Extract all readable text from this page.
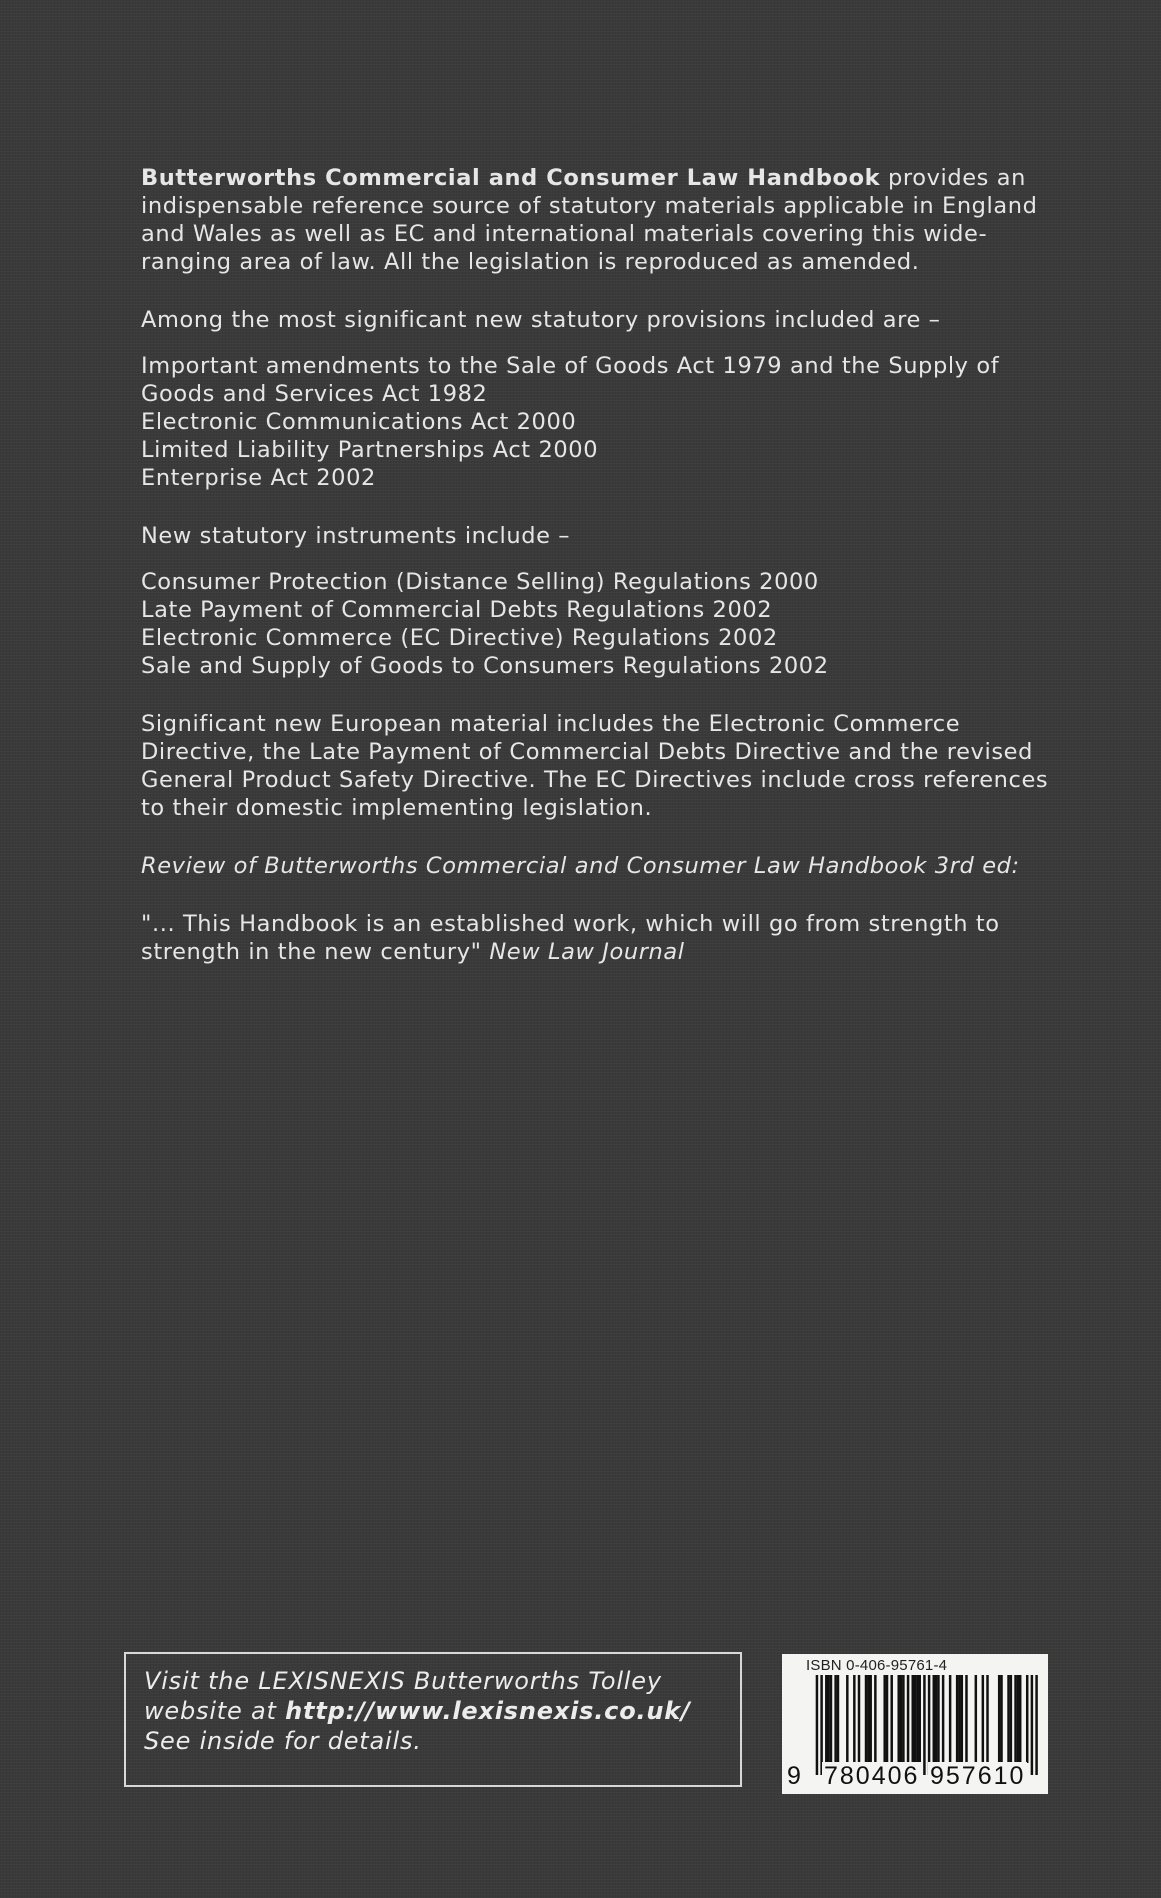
Butterworths Commercial and Consumer Law Handbook provides an indispensable reference source of statutory materials applicable in England and Wales as well as EC and international materials covering this wide-ranging area of law. All the legislation is reproduced as amended.

Among the most significant new statutory provisions included are –

Important amendments to the Sale of Goods Act 1979 and the Supply of Goods and Services Act 1982

Electronic Communications Act 2000

Limited Liability Partnerships Act 2000

Enterprise Act 2002

New statutory instruments include –

Consumer Protection (Distance Selling) Regulations 2000

Late Payment of Commercial Debts Regulations 2002

Electronic Commerce (EC Directive) Regulations 2002

Sale and Supply of Goods to Consumers Regulations 2002

Significant new European material includes the Electronic Commerce Directive, the Late Payment of Commercial Debts Directive and the revised General Product Safety Directive. The EC Directives include cross references to their domestic implementing legislation.

Review of Butterworths Commercial and Consumer Law Handbook 3rd ed:

"... This Handbook is an established work, which will go from strength to strength in the new century" New Law Journal

Visit the LEXISNEXIS Butterworths Tolley

website at http://www.lexisnexis.co.uk/

See inside for details.

ISBN 0-406-95761-4
9 780406 957610
